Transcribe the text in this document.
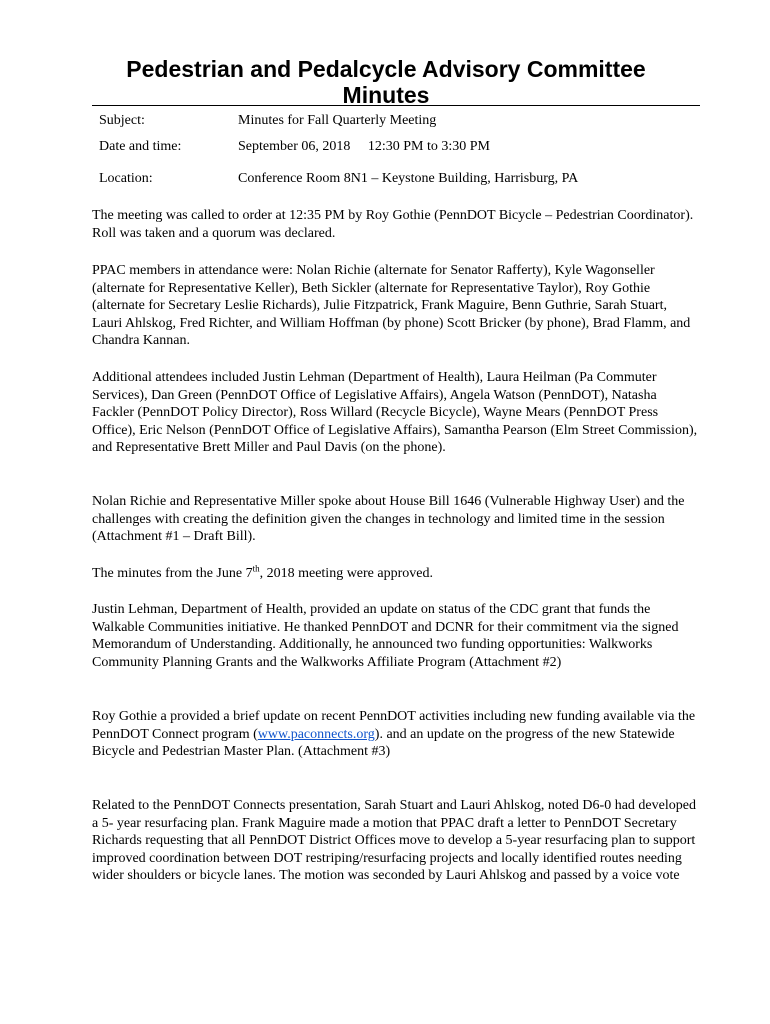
Pedestrian and Pedalcycle Advisory Committee
Minutes
Subject:	Minutes for Fall Quarterly Meeting
Date and time:	September 06, 2018     12:30 PM to 3:30 PM
Location:	Conference Room 8N1 – Keystone Building, Harrisburg, PA

The meeting was called to order at 12:35 PM by Roy Gothie (PennDOT Bicycle – Pedestrian Coordinator). Roll was taken and a quorum was declared.

PPAC members in attendance were: Nolan Richie (alternate for Senator Rafferty), Kyle Wagonseller (alternate for Representative Keller), Beth Sickler (alternate for Representative Taylor), Roy Gothie (alternate for Secretary Leslie Richards), Julie Fitzpatrick, Frank Maguire, Benn Guthrie, Sarah Stuart, Lauri Ahlskog, Fred Richter, and William Hoffman (by phone) Scott Bricker (by phone), Brad Flamm, and Chandra Kannan.

Additional attendees included Justin Lehman (Department of Health), Laura Heilman (Pa Commuter Services), Dan Green (PennDOT Office of Legislative Affairs), Angela Watson (PennDOT), Natasha Fackler (PennDOT Policy Director), Ross Willard (Recycle Bicycle), Wayne Mears (PennDOT Press Office), Eric Nelson (PennDOT Office of Legislative Affairs), Samantha Pearson (Elm Street Commission), and Representative Brett Miller and Paul Davis (on the phone).

Nolan Richie and Representative Miller spoke about House Bill 1646 (Vulnerable Highway User) and the challenges with creating the definition given the changes in technology and limited time in the session (Attachment #1 – Draft Bill).

The minutes from the June 7th, 2018 meeting were approved.

Justin Lehman, Department of Health, provided an update on status of the CDC grant that funds the Walkable Communities initiative. He thanked PennDOT and DCNR for their commitment via the signed Memorandum of Understanding. Additionally, he announced two funding opportunities: Walkworks Community Planning Grants and the Walkworks Affiliate Program (Attachment #2)

Roy Gothie a provided a brief update on recent PennDOT activities including new funding available via the PennDOT Connect program (www.paconnects.org). and an update on the progress of the new Statewide Bicycle and Pedestrian Master Plan. (Attachment #3)

Related to the PennDOT Connects presentation, Sarah Stuart and Lauri Ahlskog, noted D6-0 had developed a 5- year resurfacing plan. Frank Maguire made a motion that PPAC draft a letter to PennDOT Secretary Richards requesting that all PennDOT District Offices move to develop a 5-year resurfacing plan to support improved coordination between DOT restriping/resurfacing projects and locally identified routes needing wider shoulders or bicycle lanes. The motion was seconded by Lauri Ahlskog and passed by a voice vote
